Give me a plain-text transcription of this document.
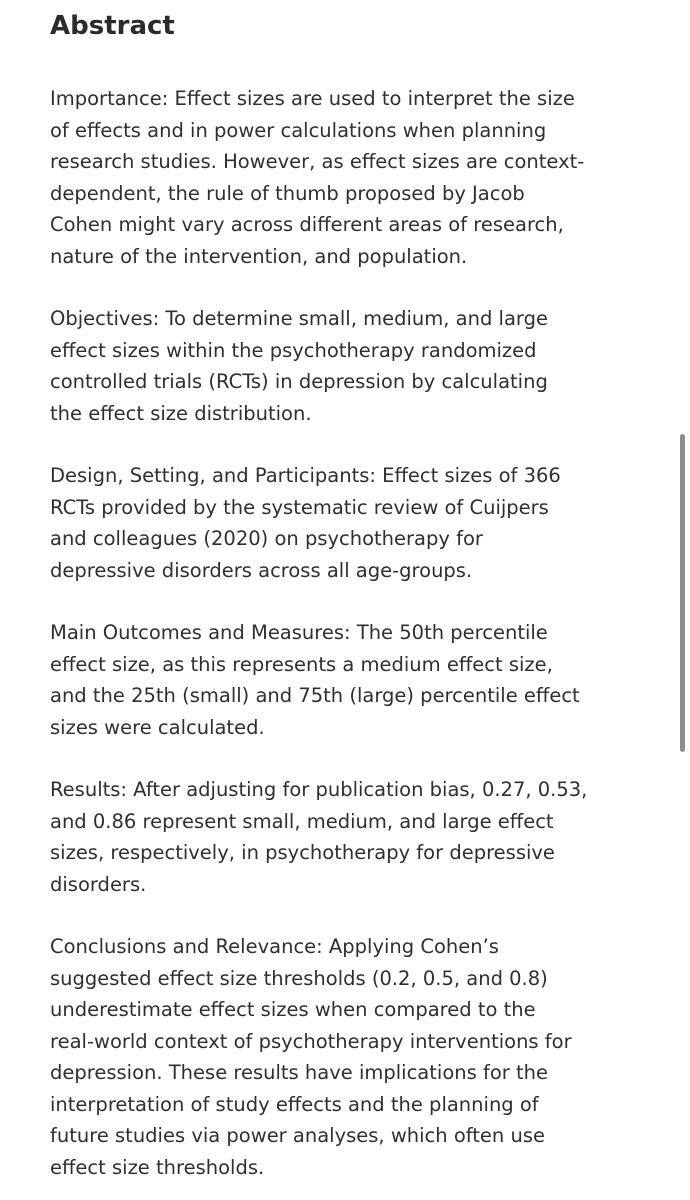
Abstract

Importance: Effect sizes are used to interpret the size
of effects and in power calculations when planning
research studies. However, as effect sizes are context-
dependent, the rule of thumb proposed by Jacob
Cohen might vary across different areas of research,
nature of the intervention, and population.

Objectives: To determine small, medium, and large
effect sizes within the psychotherapy randomized
controlled trials (RCTs) in depression by calculating
the effect size distribution.

Design, Setting, and Participants: Effect sizes of 366
RCTs provided by the systematic review of Cuijpers
and colleagues (2020) on psychotherapy for
depressive disorders across all age-groups.

Main Outcomes and Measures: The 50th percentile
effect size, as this represents a medium effect size,
and the 25th (small) and 75th (large) percentile effect
sizes were calculated.

Results: After adjusting for publication bias, 0.27, 0.53,
and 0.86 represent small, medium, and large effect
sizes, respectively, in psychotherapy for depressive
disorders.

Conclusions and Relevance: Applying Cohen’s
suggested effect size thresholds (0.2, 0.5, and 0.8)
underestimate effect sizes when compared to the
real-world context of psychotherapy interventions for
depression. These results have implications for the
interpretation of study effects and the planning of
future studies via power analyses, which often use
effect size thresholds.
